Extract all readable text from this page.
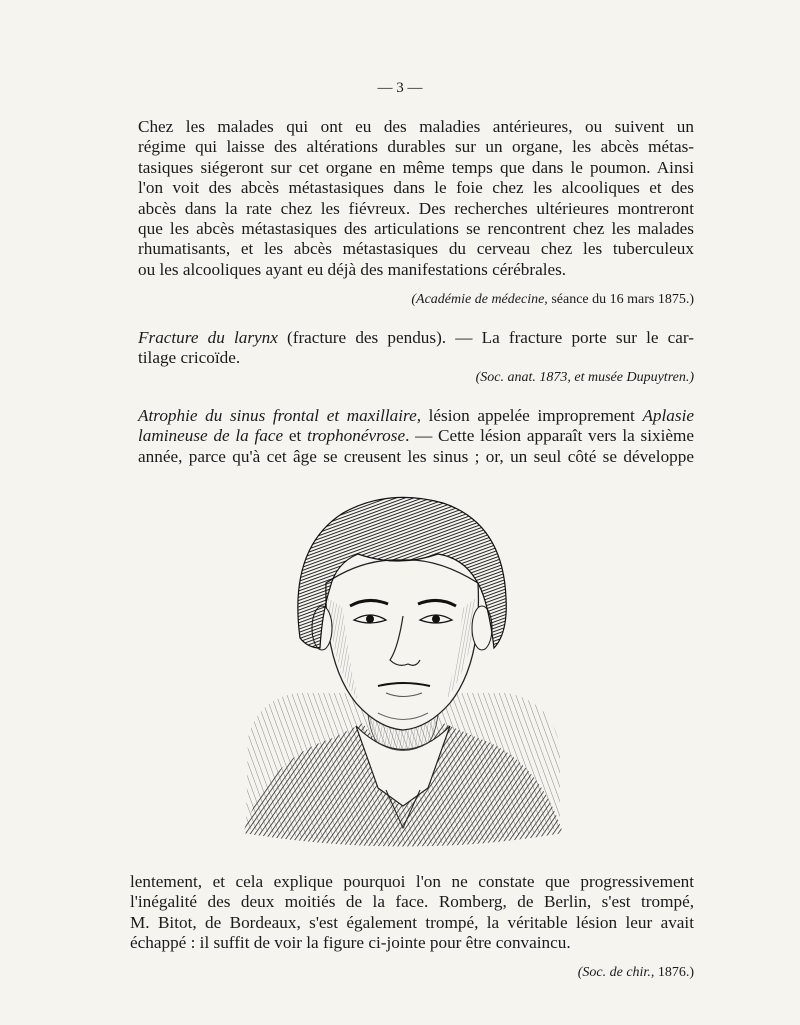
— 3 —
Chez les malades qui ont eu des maladies antérieures, ou suivent un
régime qui laisse des altérations durables sur un organe, les abcès métas-
tasiques siégeront sur cet organe en même temps que dans le poumon. Ainsi
l'on voit des abcès métastasiques dans le foie chez les alcooliques et des
abcès dans la rate chez les fiévreux. Des recherches ultérieures montreront
que les abcès métastasiques des articulations se rencontrent chez les malades
rhumatisants, et les abcès métastasiques du cerveau chez les tuberculeux
ou les alcooliques ayant eu déjà des manifestations cérébrales.
(Académie de médecine, séance du 16 mars 1875.)
Fracture du larynx (fracture des pendus). — La fracture porte sur le car-
tilage cricoïde.
(Soc. anat. 1873, et musée Dupuytren.)
Atrophie du sinus frontal et maxillaire, lésion appelée improprement Aplasie
lamineuse de la face et trophonévrose. — Cette lésion apparaît vers la sixième
année, parce qu'à cet âge se creusent les sinus ; or, un seul côté se développe
lentement, et cela explique pourquoi l'on ne constate que progressivement
l'inégalité des deux moitiés de la face. Romberg, de Berlin, s'est trompé,
M. Bitot, de Bordeaux, s'est également trompé, la véritable lésion leur avait
échappé : il suffit de voir la figure ci-jointe pour être convaincu.
(Soc. de chir., 1876.)
